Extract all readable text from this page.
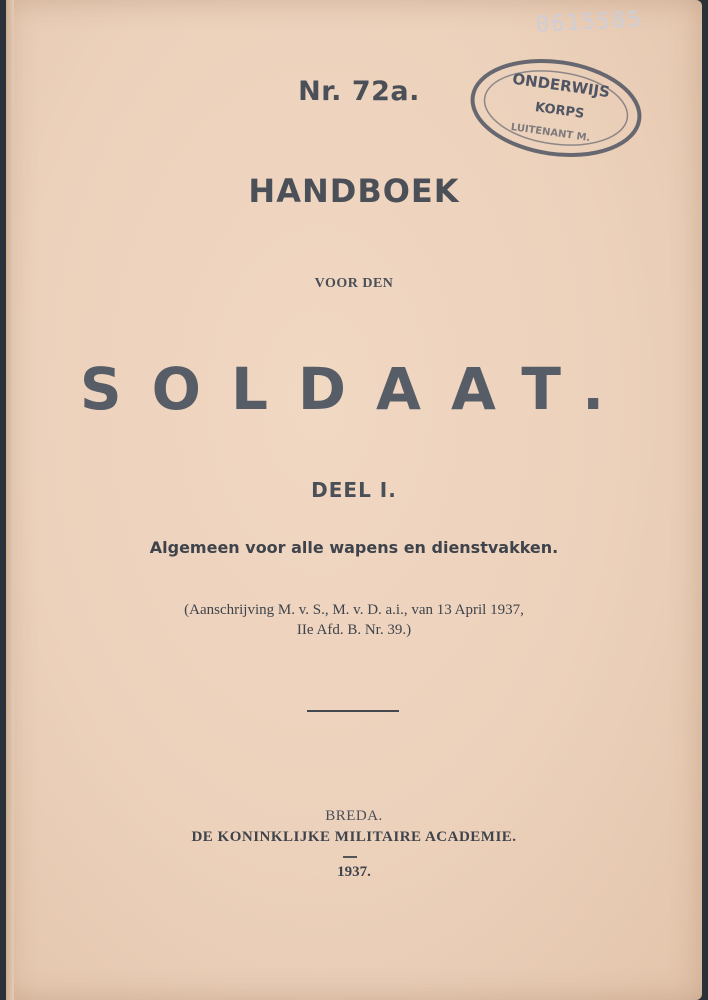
0615585
ONDERWIJS
KORPS
LUITENANT M.

Nr. 72a.

HANDBOEK

VOOR DEN

SOLDAAT.

DEEL I.

Algemeen voor alle wapens en dienstvakken.

(Aanschrijving M. v. S., M. v. D. a.i., van 13 April 1937,
IIe Afd. B. Nr. 39.)

BREDA.

DE KONINKLIJKE MILITAIRE ACADEMIE.

1937.
